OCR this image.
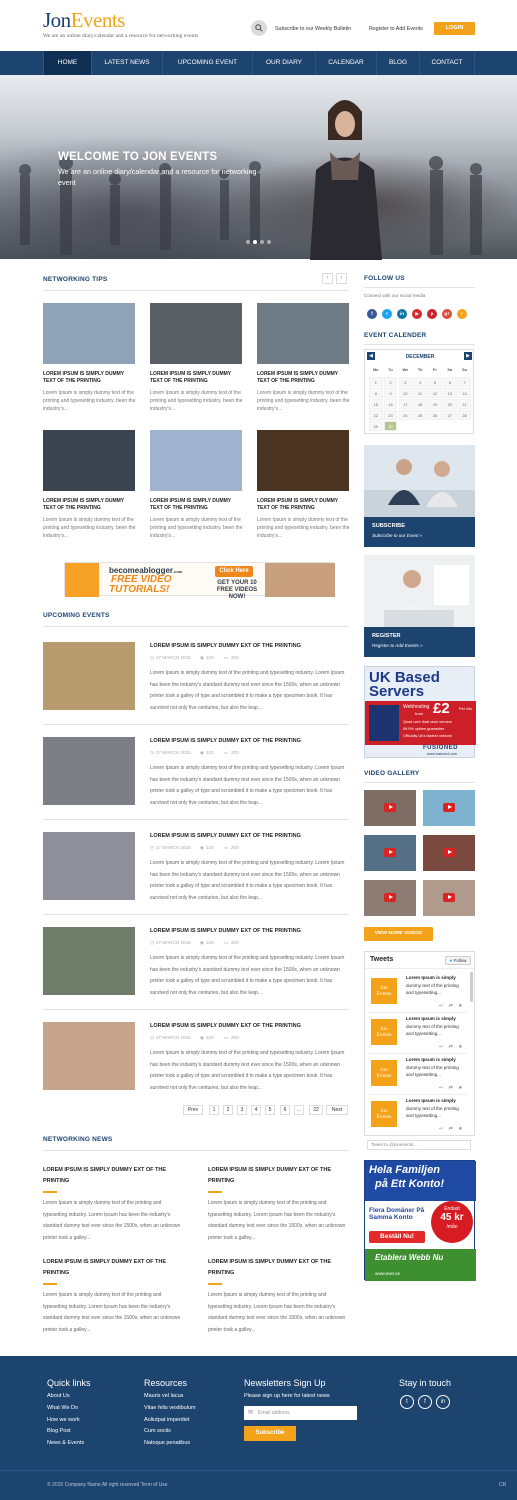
JonEvents
We are an online diary/calendar and a resource for networking events
Subscribe to our Weekly Bulletin	Register to Add Events	LOGIN
HOME	LATEST NEWS	UPCOMING EVENT	OUR DIARY	CALENDAR	BLOG	CONTACT
WELCOME TO JON EVENTS
We are an online diary/calendar and a resource for networking event
NETWORKING TIPS	‹	›
LOREM IPSUM IS SIMPLY DUMMY TEXT OF THE PRINTING
Lorem Ipsum is simply dummy text of the printing and typesetting industry. been the industry's...
LOREM IPSUM IS SIMPLY DUMMY TEXT OF THE PRINTING
Lorem Ipsum is simply dummy text of the printing and typesetting industry. been the industry's...
LOREM IPSUM IS SIMPLY DUMMY TEXT OF THE PRINTING
Lorem Ipsum is simply dummy text of the printing and typesetting industry. been the industry's...
LOREM IPSUM IS SIMPLY DUMMY TEXT OF THE PRINTING
Lorem Ipsum is simply dummy text of the printing and typesetting industry. been the industry's...
LOREM IPSUM IS SIMPLY DUMMY TEXT OF THE PRINTING
Lorem Ipsum is simply dummy text of the printing and typesetting industry. been the industry's...
LOREM IPSUM IS SIMPLY DUMMY TEXT OF THE PRINTING
Lorem Ipsum is simply dummy text of the printing and typesetting industry. been the industry's...
becomeablogger.com
FREE VIDEO
TUTORIALS!
Click Here
GET YOUR 10 FREE VIDEOS NOW!
UPCOMING EVENTS
LOREM IPSUM IS SIMPLY DUMMY EXT OF THE PRINTING
◷ 27 MARCH 2015 ◉ 120 ▭ 200
Lorem Ipsum is simply dummy text of the printing and typesetting industry. Lorem Ipsum has been the industry's standard dummy text ever since the 1500s, when an unknown printer took a galley of type and scrambled it to make a type specimen book. It has survived not only five centuries, but also the leap...
LOREM IPSUM IS SIMPLY DUMMY EXT OF THE PRINTING
◷ 27 MARCH 2015 ◉ 120 ▭ 200
Lorem Ipsum is simply dummy text of the printing and typesetting industry. Lorem Ipsum has been the industry's standard dummy text ever since the 1500s, when an unknown printer took a galley of type and scrambled it to make a type specimen book. It has survived not only five centuries, but also the leap...
LOREM IPSUM IS SIMPLY DUMMY EXT OF THE PRINTING
◷ 27 MARCH 2015 ◉ 120 ▭ 200
Lorem Ipsum is simply dummy text of the printing and typesetting industry. Lorem Ipsum has been the industry's standard dummy text ever since the 1500s, when an unknown printer took a galley of type and scrambled it to make a type specimen book. It has survived not only five centuries, but also the leap...
LOREM IPSUM IS SIMPLY DUMMY EXT OF THE PRINTING
◷ 27 MARCH 2015 ◉ 120 ▭ 200
Lorem Ipsum is simply dummy text of the printing and typesetting industry. Lorem Ipsum has been the industry's standard dummy text ever since the 1500s, when an unknown printer took a galley of type and scrambled it to make a type specimen book. It has survived not only five centuries, but also the leap...
LOREM IPSUM IS SIMPLY DUMMY EXT OF THE PRINTING
◷ 27 MARCH 2015 ◉ 120 ▭ 200
Lorem Ipsum is simply dummy text of the printing and typesetting industry. Lorem Ipsum has been the industry's standard dummy text ever since the 1500s, when an unknown printer took a galley of type and scrambled it to make a type specimen book. It has survived not only five centuries, but also the leap...
Prev	1	2	3	4	5	6	...	22	Next
NETWORKING NEWS
LOREM IPSUM IS SIMPLY DUMMY EXT OF THE PRINTING
Lorem Ipsum is simply dummy text of the printing and typesetting industry. Lorem Ipsum has been the industry's standard dummy text ever since the 1500s, when an unknown printer took a galley...
LOREM IPSUM IS SIMPLY DUMMY EXT OF THE PRINTING
Lorem Ipsum is simply dummy text of the printing and typesetting industry. Lorem Ipsum has been the industry's standard dummy text ever since the 1500s, when an unknown printer took a galley...
LOREM IPSUM IS SIMPLY DUMMY EXT OF THE PRINTING
Lorem Ipsum is simply dummy text of the printing and typesetting industry. Lorem Ipsum has been the industry's standard dummy text ever since the 1500s, when an unknown printer took a galley...
LOREM IPSUM IS SIMPLY DUMMY EXT OF THE PRINTING
Lorem Ipsum is simply dummy text of the printing and typesetting industry. Lorem Ipsum has been the industry's standard dummy text ever since the 1500s, when an unknown printer took a galley...
FOLLOW US
Connect with our social media
f	t	in	▶	p	g+	r
EVENT CALENDER
◀	DECEMBER	▶
Mo	Tu	We	Th	Fr	Sa	Su
1	2	3	4	5	6	7
8	9	10	11	12	13	14
15	16	17	18	19	20	21
22	23	24	25	26	27	28
29	30
SUBSCRIBE
Subscribe to our Event »
REGISTER
Register to Add Events »
UK Based
Servers
Webhosting
from £2 Per Mo.
Quad core dual xeon servers
99.9% uptime guarantee
Officially UKs fastest network
FUSIONED
www.fusioned.com
VIDEO GALLERY
VIEW MORE VIDEOS
Tweets	● Follow
Jon
Events
Lorem Ipsum is simply
dummy text of the printing and typesetting...
↩ ⇄ ★
Jon
Events
Lorem Ipsum is simply
dummy text of the printing and typesetting...
↩ ⇄ ★
Jon
Events
Lorem Ipsum is simply
dummy text of the printing and typesetting...
↩ ⇄ ★
Jon
Events
Lorem Ipsum is simply
dummy text of the printing and typesetting...
↩ ⇄ ★
Tweet to @jonevents...
Hela Familjen
på Ett Konto!
Flera Domäner På Samma Konto
Endast
45 kr
/mån
Beställ Nu!
Etablera Webb Nu
www.ewn.se
Quick links	Resources	Newsletters Sign Up	Stay in touch
About Us
What We Do
How we work
Blog Post
News & Events
Mauris vel lacus
Vitae felis vestibulum
Aoliutpat imperdiet
Cum sociis
Natoque penatibus
Please sign up here for latest news
✉ Email address
Subscribe
t	f	in
© 2015 Company Name All right reserved Term of Use	CR
